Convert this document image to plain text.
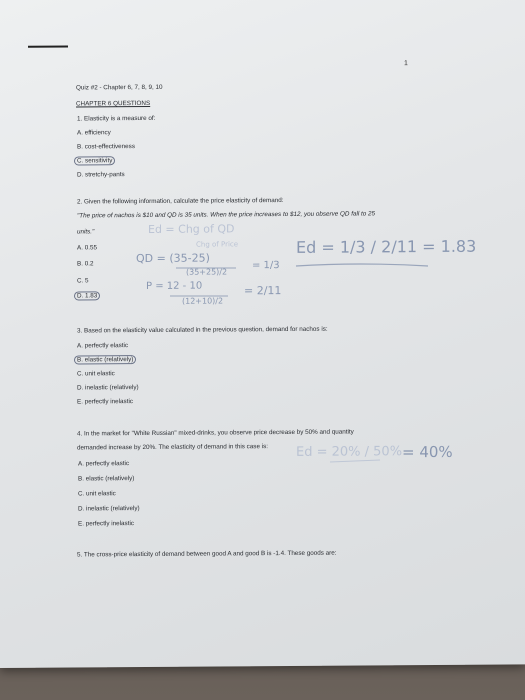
1
Quiz #2 - Chapter 6, 7, 8, 9, 10
CHAPTER 6 QUESTIONS
1. Elasticity is a measure of:
A. efficiency
B. cost-effectiveness
C. sensitivity
D. stretchy-pants
2. Given the following information, calculate the price elasticity of demand:
"The price of nachos is $10 and QD is 35 units. When the price increases to $12, you observe QD fall to 25
units."
A. 0.55
B. 0.2
C. 5
D. 1.83
3. Based on the elasticity value calculated in the previous question, demand for nachos is:
A. perfectly elastic
B. elastic (relatively)
C. unit elastic
D. inelastic (relatively)
E. perfectly inelastic
4. In the market for "White Russian" mixed-drinks, you observe price decrease by 50% and quantity
demanded increase by 20%. The elasticity of demand in this case is:
A. perfectly elastic
B. elastic (relatively)
C. unit elastic
D. inelastic (relatively)
E. perfectly inelastic
5. The cross-price elasticity of demand between good A and good B is -1.4. These goods are:
Ed = Chg of QD
Chg of Price
QD = (35-25)
(35+25)/2
= 1/3
Ed = 1/3 / 2/11 = 1.83
P = 12 - 10
(12+10)/2
= 2/11
Ed = 20% / 50% = 40%
